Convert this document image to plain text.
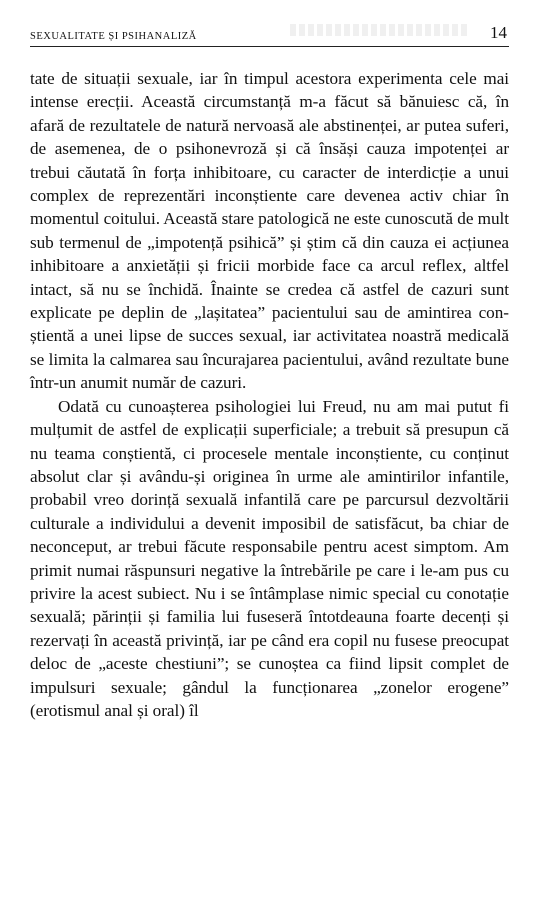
SEXUALITATE ȘI PSIHANALIZĂ	14

tate de situații sexuale, iar în timpul acestora experimenta cele mai intense erecții. Această circumstanță m-a făcut să bănuiesc că, în afară de rezultatele de natură nervoasă ale abstinenței, ar putea suferi, de asemenea, de o psihonevroză și că însăși cauza impotenței ar trebui căutată în forța inhibitoare, cu caracter de interdicție a unui complex de reprezentări inconștiente care devenea activ chiar în momentul coitului. Această stare patologică ne este cunoscută de mult sub termenul de „impotență psihică” și știm că din cauza ei acțiunea inhibitoare a anxietății și fricii morbide face ca arcul reflex, altfel intact, să nu se închidă. Înainte se credea că astfel de cazuri sunt explicate pe deplin de „lașitatea” pacientului sau de amintirea conștientă a unei lipse de succes sexual, iar activitatea noastră medicală se limita la calmarea sau încurajarea pacientului, având rezultate bune într-un anumit număr de cazuri.

Odată cu cunoașterea psihologiei lui Freud, nu am mai putut fi mulțumit de astfel de explicații superficiale; a trebuit să presupun că nu teama conștientă, ci procesele mentale inconștiente, cu conținut absolut clar și avându-și originea în urme ale amintirilor infantile, probabil vreo dorință sexuală infantilă care pe parcursul dezvoltării culturale a individului a devenit imposibil de satisfăcut, ba chiar de neconceput, ar trebui făcute responsabile pentru acest simptom. Am primit numai răspunsuri negative la întrebările pe care i le-am pus cu privire la acest subiect. Nu i se întâmplase nimic special cu conotație sexuală; părinții și familia lui fuseseră întotdeauna foarte decenți și rezervați în această privință, iar pe când era copil nu fusese preocupat deloc de „aceste chestiuni”; se cunoștea ca fiind lipsit complet de impulsuri sexuale; gândul la funcționarea „zonelor erogene” (erotismul anal și oral) îl
